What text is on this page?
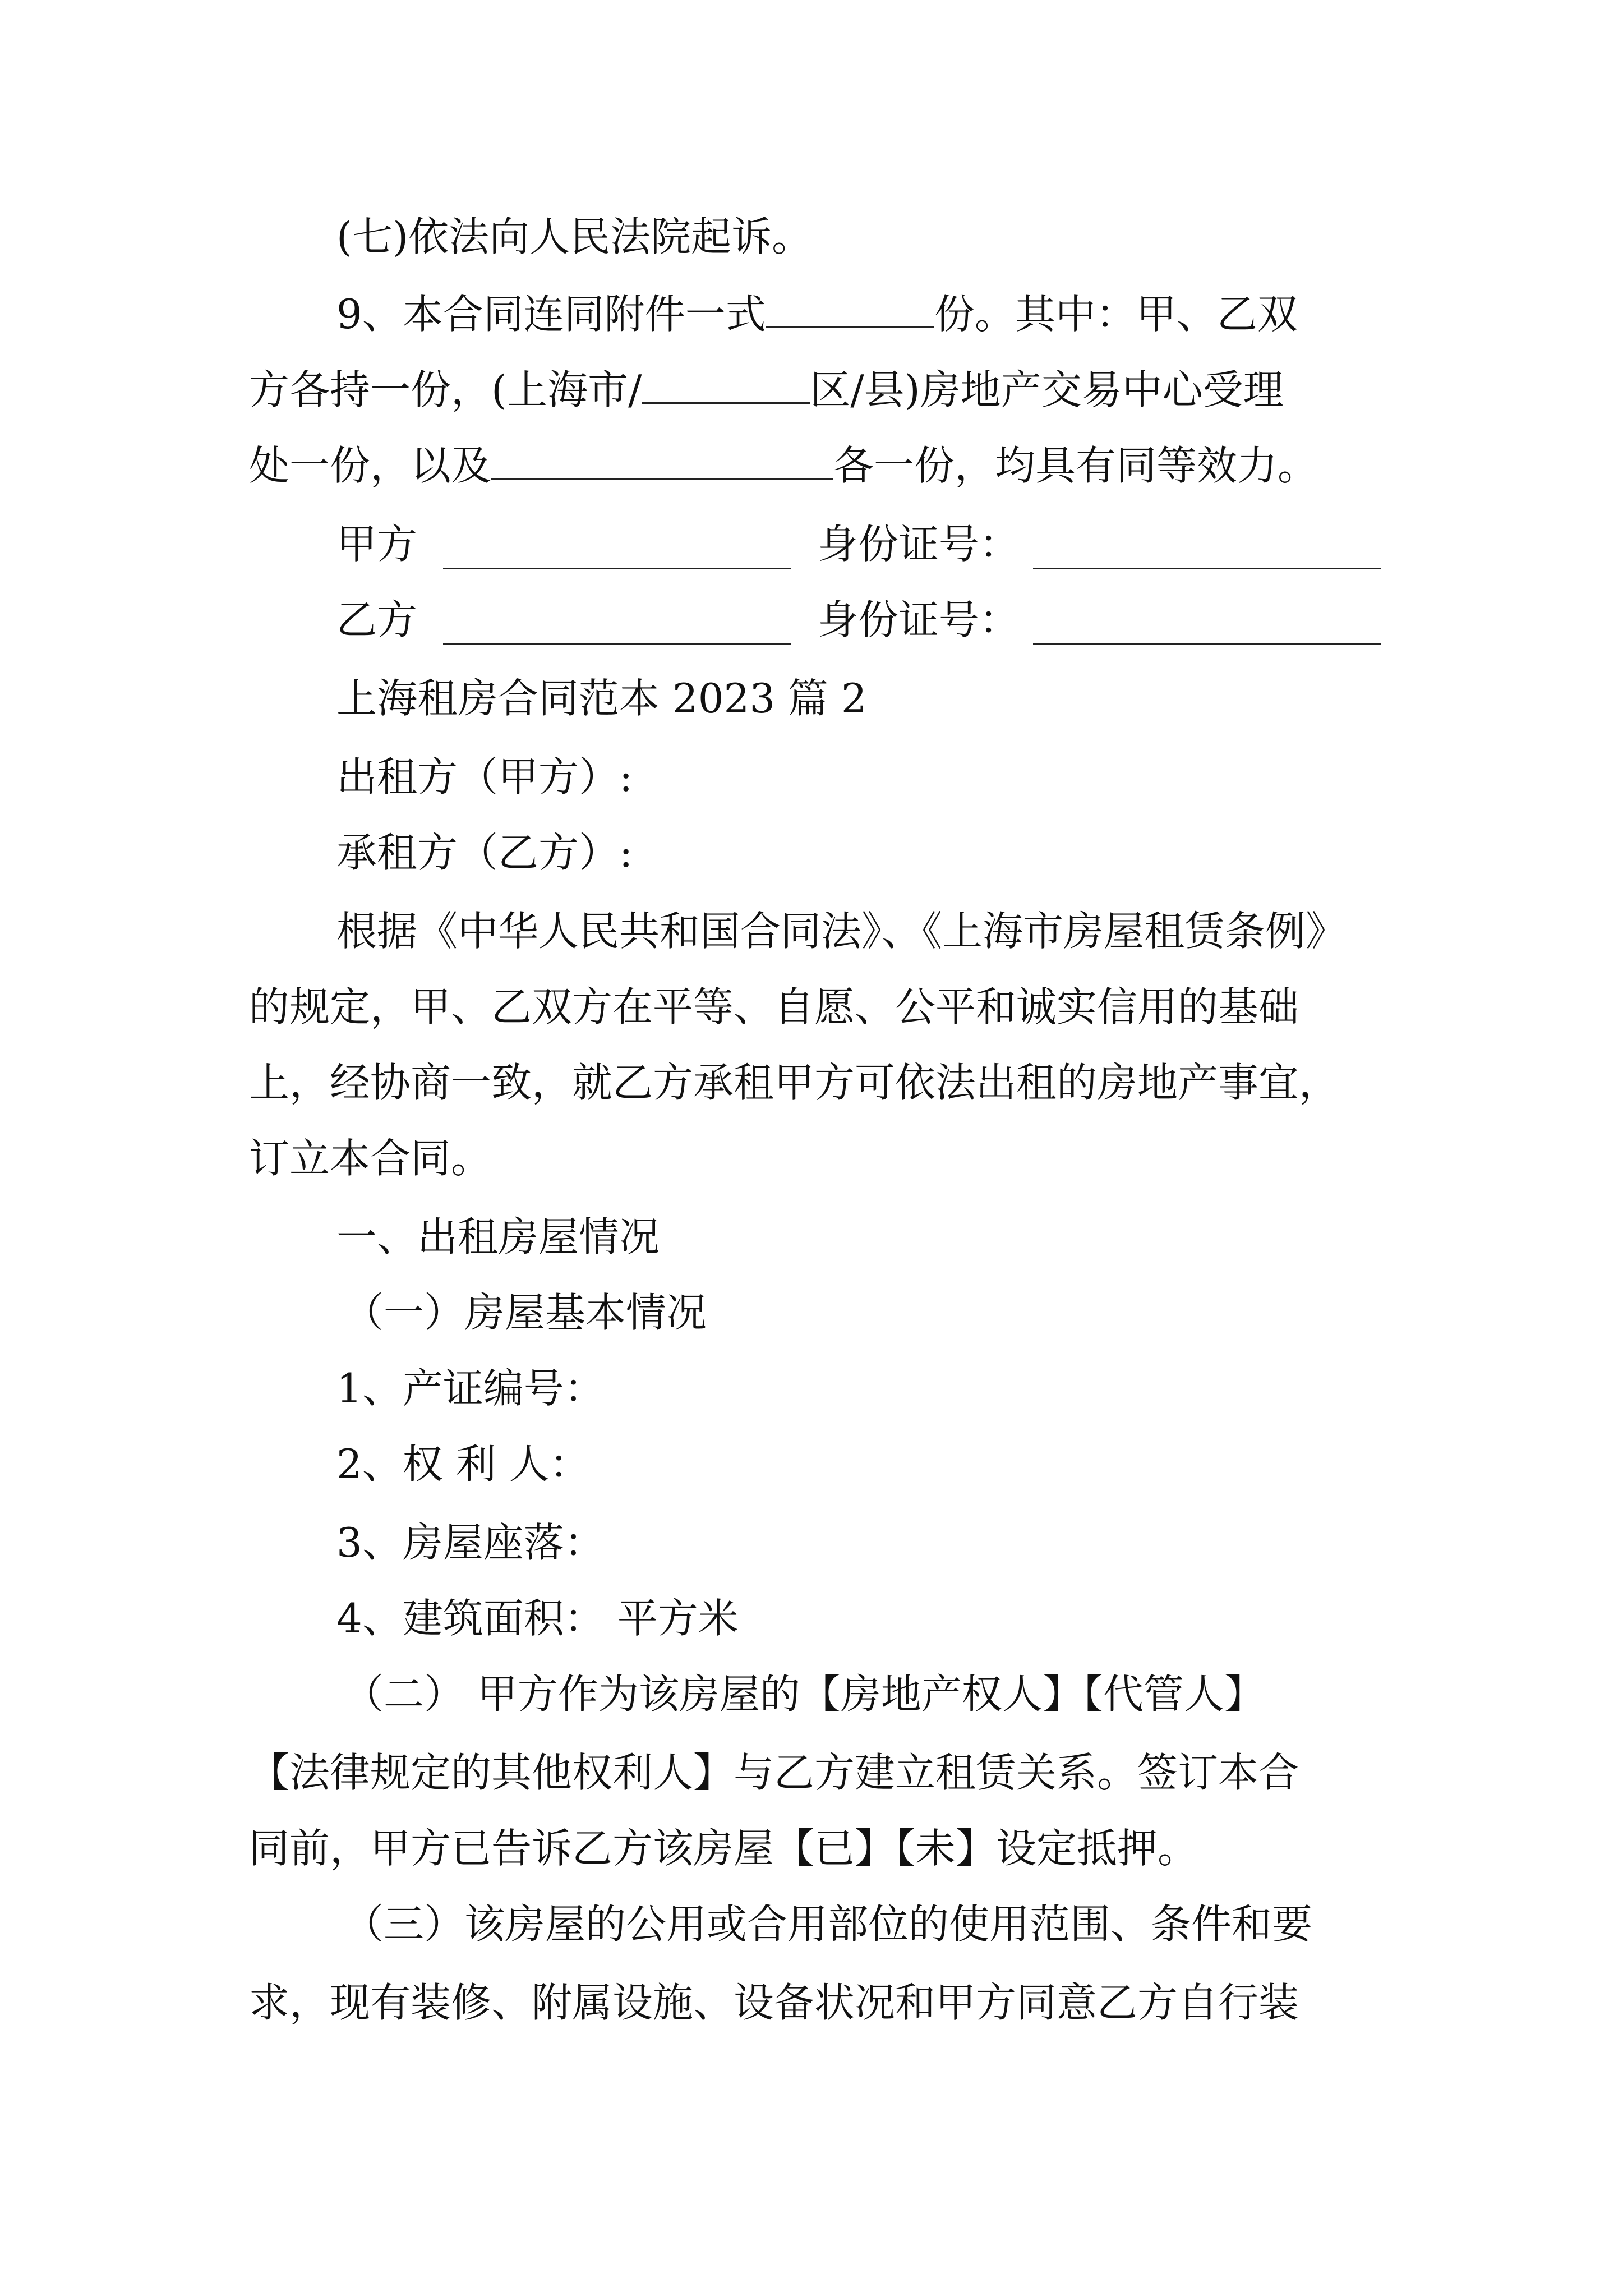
(七)依法向人民法院起诉。
9、本合同连同附件一式	份。其中：甲、乙双
方各持一份，(上海市/	区/县)房地产交易中心受理
处一份，以及	各一份，均具有同等效力。
甲方	身份证号：
乙方	身份证号：
上海租房合同范本 2023 篇 2
出租方（甲方）:
承租方（乙方）:
根据《中华人民共和国合同法》、《上海市房屋租赁条例》
的规定，甲、乙双方在平等、自愿、公平和诚实信用的基础
上，经协商一致，就乙方承租甲方可依法出租的房地产事宜，
订立本合同。
一、出租房屋情况
（一）房屋基本情况
1、产证编号：
2、权 利 人：
3、房屋座落：
4、建筑面积： 平方米
（二） 甲方作为该房屋的【房地产权人】【代管人】
【法律规定的其他权利人】与乙方建立租赁关系。签订本合
同前，甲方已告诉乙方该房屋【已】【未】设定抵押。
（三）该房屋的公用或合用部位的使用范围、条件和要
求，现有装修、附属设施、设备状况和甲方同意乙方自行装
